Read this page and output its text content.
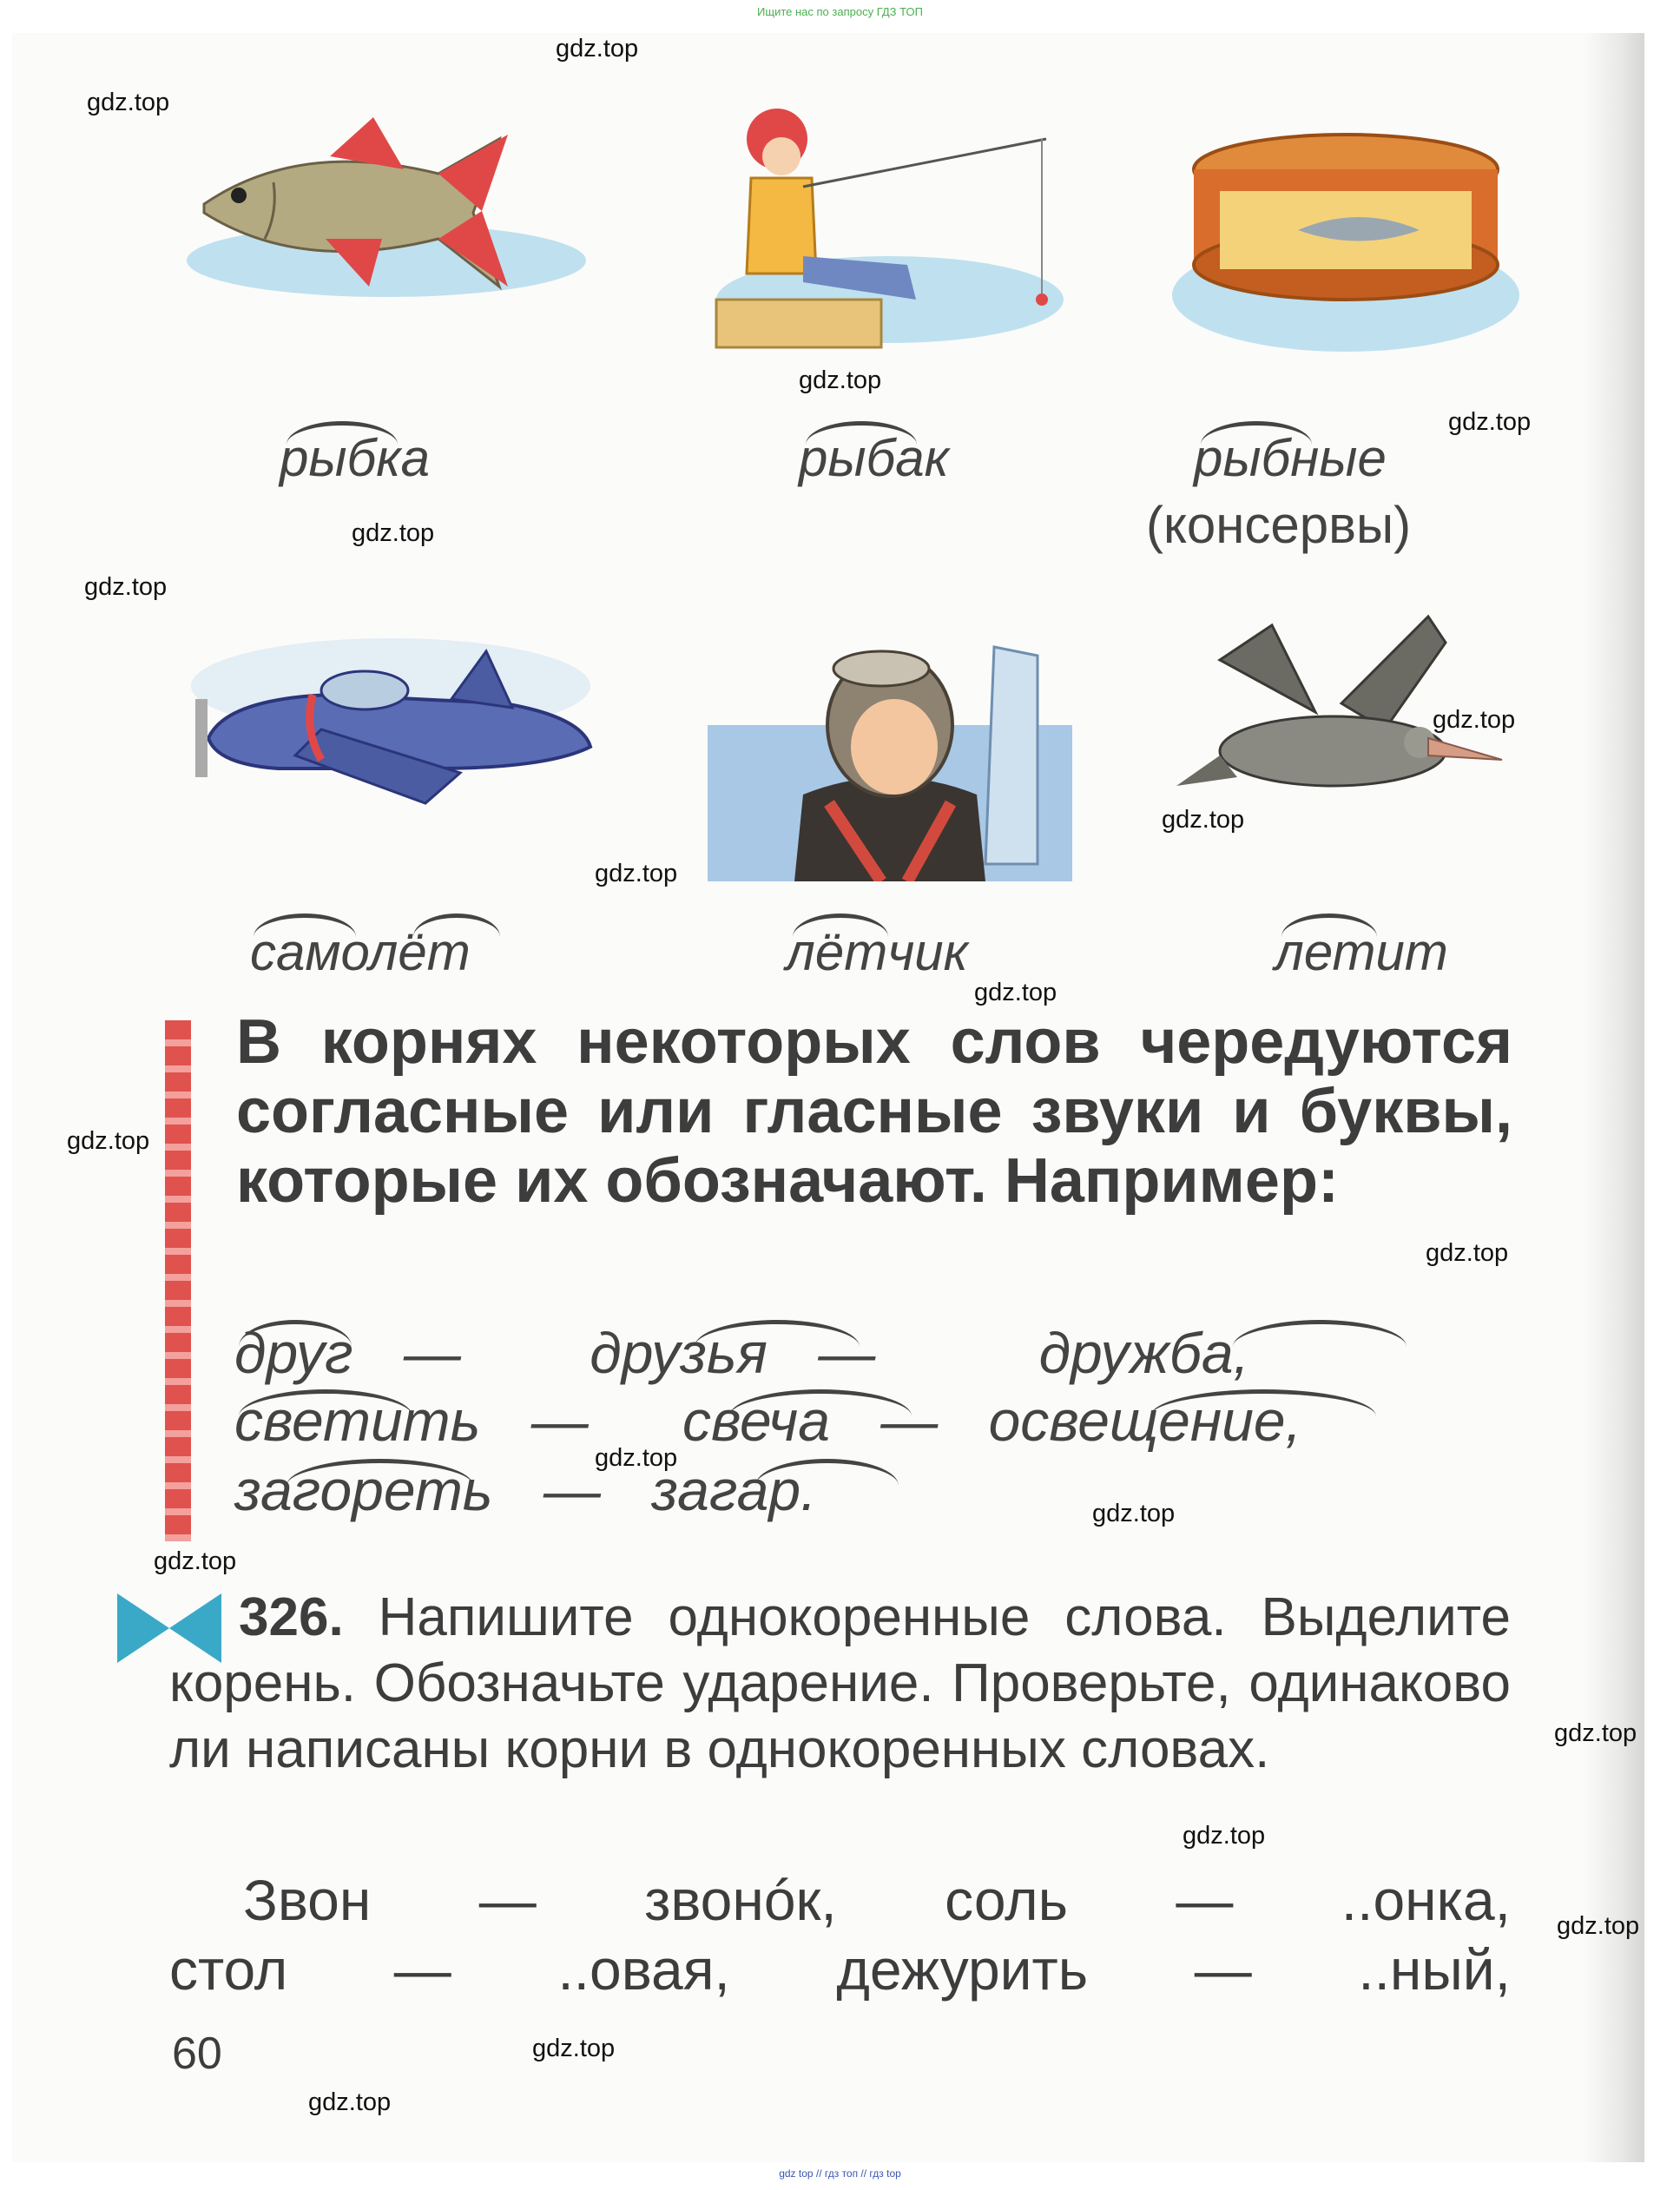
Ищите нас по запросу ГДЗ ТОП
рыбка	рыбак	рыбные
(консервы)
самолёт	лётчик	летит
В корнях некоторых слов чередуются согласные или гласные звуки и буквы, которые их обозначают. Например:
друг — друзья —	дружба,
светить — свеча — освещение,
загореть — загар.
326. Напишите однокоренные слова. Выделите корень. Обозначьте ударение. Проверьте, одинаково ли написаны корни в однокоренных словах.
Звон — звонóк, соль — ..онка,
стол — ..овая, дежурить — ..ный,
60
gdz.top
gdz.top
gdz.top
gdz.top
gdz.top
gdz.top
gdz.top
gdz.top
gdz.top
gdz.top
gdz.top
gdz.top
gdz.top
gdz.top
gdz.top
gdz.top
gdz.top
gdz.top
gdz.top
gdz.top
gdz top // гдз топ // гдз top
